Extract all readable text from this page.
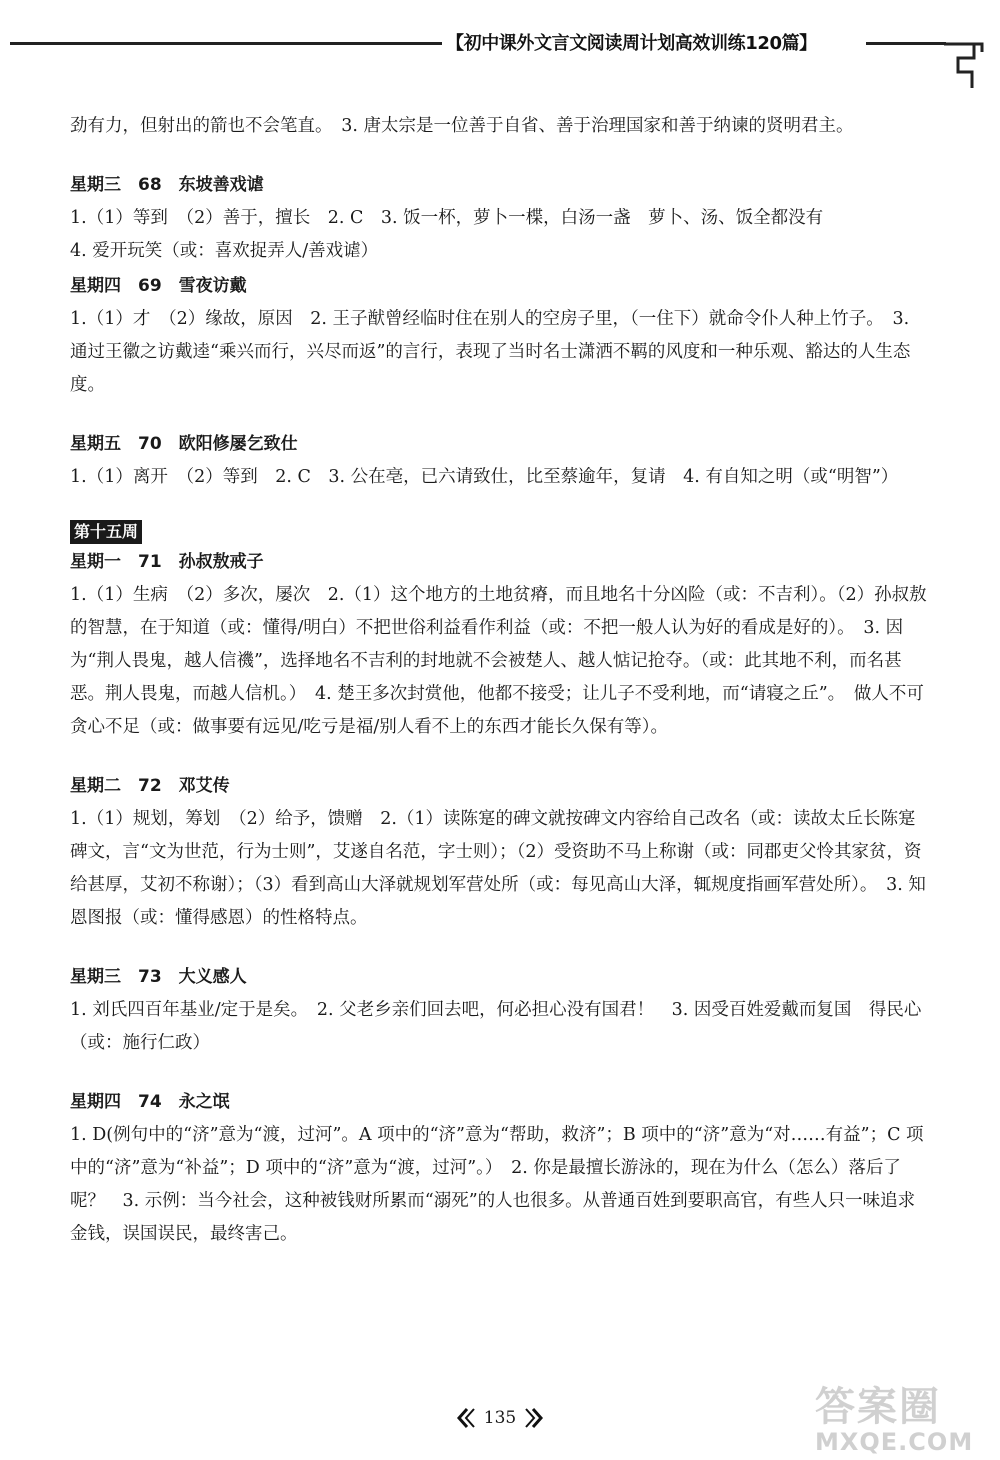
【初中课外文言文阅读周计划高效训练120篇】

劲有力，但射出的箭也不会笔直。　3. 唐太宗是一位善于自省、善于治理国家和善于纳谏的贤明君主。

星期三　68　东坡善戏谑

1.（1）等到　（2）善于，擅长　2. C　3. 饭一杯，萝卜一楪，白汤一盏　萝卜、汤、饭全都没有

4. 爱开玩笑（或：喜欢捉弄人/善戏谑）

星期四　69　雪夜访戴

1.（1）才　（2）缘故，原因　2. 王子猷曾经临时住在别人的空房子里，（一住下）就命令仆人种上竹子。　3. 通过王徽之访戴逵“乘兴而行，兴尽而返”的言行，表现了当时名士潇洒不羁的风度和一种乐观、豁达的人生态度。

星期五　70　欧阳修屡乞致仕

1.（1）离开　（2）等到　2. C　3. 公在亳，已六请致仕，比至蔡逾年，复请　4. 有自知之明（或“明智”）

第十五周
星期一　71　孙叔敖戒子

1.（1）生病　（2）多次，屡次　2.（1）这个地方的土地贫瘠，而且地名十分凶险（或：不吉利）。（2）孙叔敖的智慧，在于知道（或：懂得/明白）不把世俗利益看作利益（或：不把一般人认为好的看成是好的）。　3. 因为“荆人畏鬼，越人信禨”，选择地名不吉利的封地就不会被楚人、越人惦记抢夺。（或：此其地不利，而名甚恶。荆人畏鬼，而越人信机。）　4. 楚王多次封赏他，他都不接受；让儿子不受利地，而“请寝之丘”。　做人不可贪心不足（或：做事要有远见/吃亏是福/别人看不上的东西才能长久保有等）。

星期二　72　邓艾传

1.（1）规划，筹划　（2）给予，馈赠　2.（1）读陈寔的碑文就按碑文内容给自己改名（或：读故太丘长陈寔碑文，言“文为世范，行为士则”，艾遂自名范，字士则）；（2）受资助不马上称谢（或：同郡吏父怜其家贫，资给甚厚，艾初不称谢）；（3）看到高山大泽就规划军营处所（或：每见高山大泽，辄规度指画军营处所）。　3. 知恩图报（或：懂得感恩）的性格特点。

星期三　73　大义感人

1. 刘氏四百年基业/定于是矣。　2. 父老乡亲们回去吧，何必担心没有国君！　3. 因受百姓爱戴而复国　得民心（或：施行仁政）

星期四　74　永之氓

1. D(例句中的“济”意为“渡，过河”。A 项中的“济”意为“帮助，救济”；B 项中的“济”意为“对……有益”；C 项中的“济”意为“补益”；D 项中的“济”意为“渡，过河”。）　2. 你是最擅长游泳的，现在为什么（怎么）落后了呢？　3. 示例：当今社会，这种被钱财所累而“溺死”的人也很多。从普通百姓到要职高官，有些人只一味追求金钱，误国误民，最终害己。

135	答案圈
MXQE.COM
